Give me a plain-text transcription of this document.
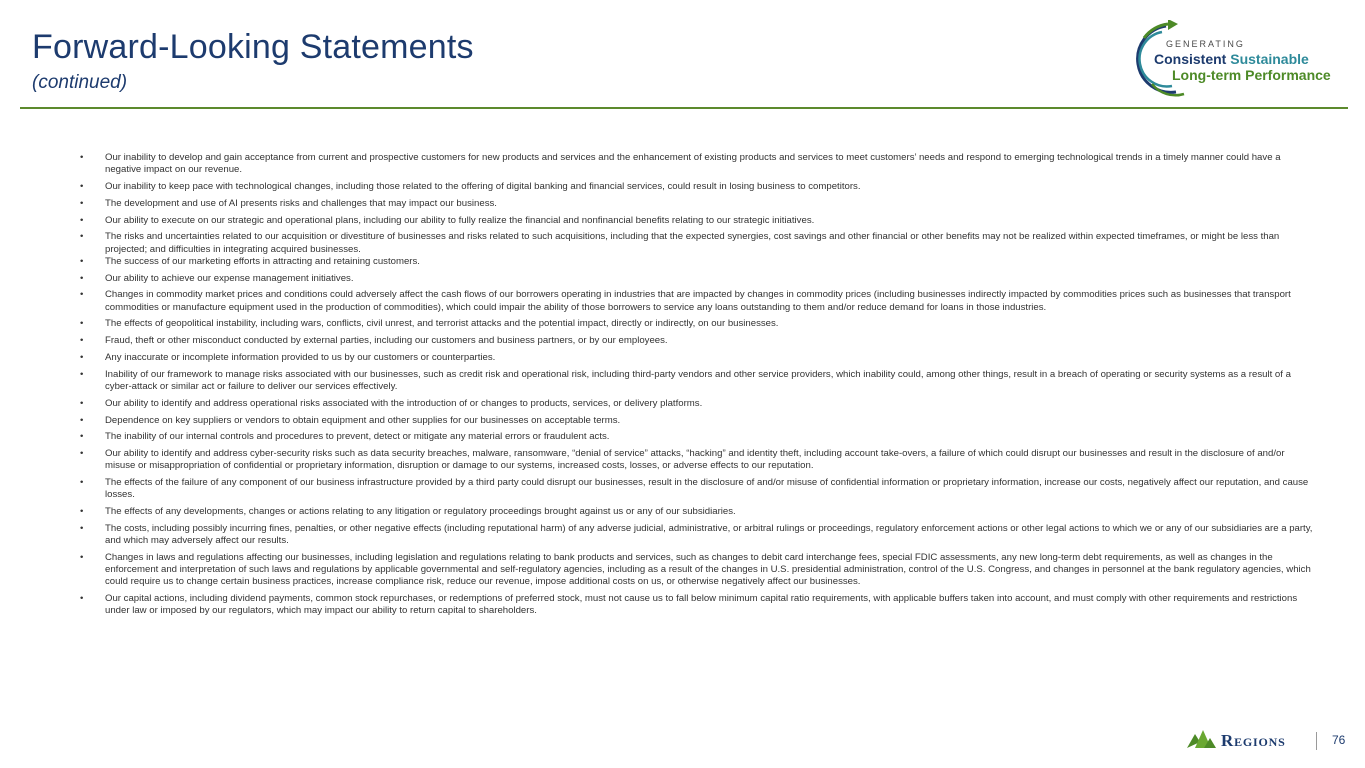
Forward-Looking Statements
(continued)
GENERATING
Consistent Sustainable
Long-term Performance
• Our inability to develop and gain acceptance from current and prospective customers for new products and services and the enhancement of existing products and services to meet customers’ needs and respond to emerging technological trends in a timely manner could have a negative impact on our revenue.
• Our inability to keep pace with technological changes, including those related to the offering of digital banking and financial services, could result in losing business to competitors.
• The development and use of AI presents risks and challenges that may impact our business.
• Our ability to execute on our strategic and operational plans, including our ability to fully realize the financial and nonfinancial benefits relating to our strategic initiatives.
• The risks and uncertainties related to our acquisition or divestiture of businesses and risks related to such acquisitions, including that the expected synergies, cost savings and other financial or other benefits may not be realized within expected timeframes, or might be less than projected; and difficulties in integrating acquired businesses.
• The success of our marketing efforts in attracting and retaining customers.
• Our ability to achieve our expense management initiatives.
• Changes in commodity market prices and conditions could adversely affect the cash flows of our borrowers operating in industries that are impacted by changes in commodity prices (including businesses indirectly impacted by commodities prices such as businesses that transport commodities or manufacture equipment used in the production of commodities), which could impair the ability of those borrowers to service any loans outstanding to them and/or reduce demand for loans in those industries.
• The effects of geopolitical instability, including wars, conflicts, civil unrest, and terrorist attacks and the potential impact, directly or indirectly, on our businesses.
• Fraud, theft or other misconduct conducted by external parties, including our customers and business partners, or by our employees.
• Any inaccurate or incomplete information provided to us by our customers or counterparties.
• Inability of our framework to manage risks associated with our businesses, such as credit risk and operational risk, including third-party vendors and other service providers, which inability could, among other things, result in a breach of operating or security systems as a result of a cyber-attack or similar act or failure to deliver our services effectively.
• Our ability to identify and address operational risks associated with the introduction of or changes to products, services, or delivery platforms.
• Dependence on key suppliers or vendors to obtain equipment and other supplies for our businesses on acceptable terms.
• The inability of our internal controls and procedures to prevent, detect or mitigate any material errors or fraudulent acts.
• Our ability to identify and address cyber-security risks such as data security breaches, malware, ransomware, “denial of service” attacks, “hacking” and identity theft, including account take-overs, a failure of which could disrupt our businesses and result in the disclosure of and/or misuse or misappropriation of confidential or proprietary information, disruption or damage to our systems, increased costs, losses, or adverse effects to our reputation.
• The effects of the failure of any component of our business infrastructure provided by a third party could disrupt our businesses, result in the disclosure of and/or misuse of confidential information or proprietary information, increase our costs, negatively affect our reputation, and cause losses.
• The effects of any developments, changes or actions relating to any litigation or regulatory proceedings brought against us or any of our subsidiaries.
• The costs, including possibly incurring fines, penalties, or other negative effects (including reputational harm) of any adverse judicial, administrative, or arbitral rulings or proceedings, regulatory enforcement actions or other legal actions to which we or any of our subsidiaries are a party, and which may adversely affect our results.
• Changes in laws and regulations affecting our businesses, including legislation and regulations relating to bank products and services, such as changes to debit card interchange fees, special FDIC assessments, any new long-term debt requirements, as well as changes in the enforcement and interpretation of such laws and regulations by applicable governmental and self-regulatory agencies, including as a result of the changes in U.S. presidential administration, control of the U.S. Congress, and changes in personnel at the bank regulatory agencies, which could require us to change certain business practices, increase compliance risk, reduce our revenue, impose additional costs on us, or otherwise negatively affect our businesses.
• Our capital actions, including dividend payments, common stock repurchases, or redemptions of preferred stock, must not cause us to fall below minimum capital ratio requirements, with applicable buffers taken into account, and must comply with other requirements and restrictions under law or imposed by our regulators, which may impact our ability to return capital to shareholders.
Regions	76
